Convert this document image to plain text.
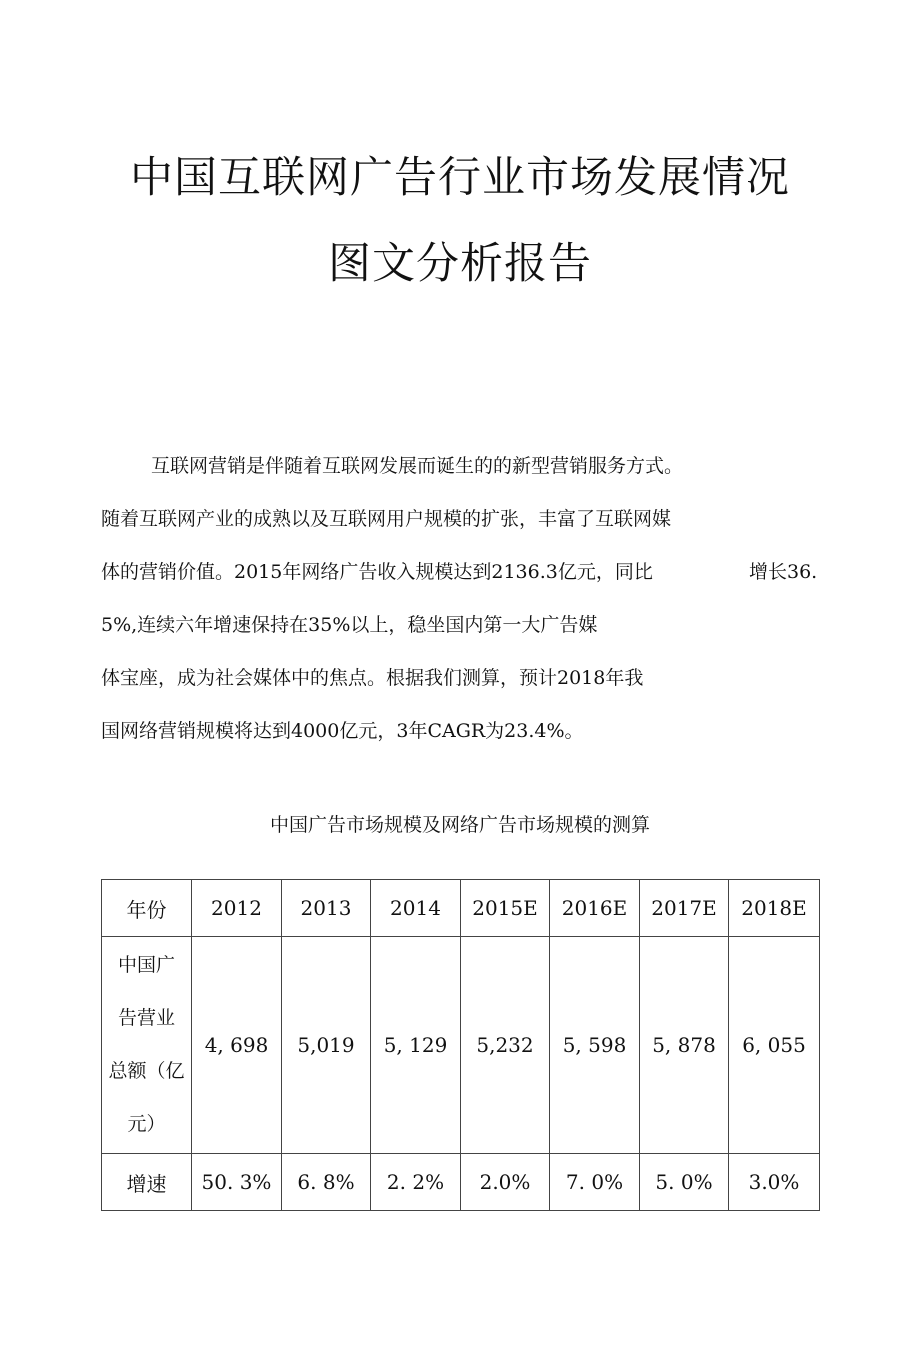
中国互联网广告行业市场发展情况
图文分析报告
互联网营销是伴随着互联网发展而诞生的的新型营销服务方式。
随着互联网产业的成熟以及互联网用户规模的扩张，丰富了互联网媒
体的营销价值。2015年网络广告收入规模达到2136.3亿元，同比	增长36.
5%,连续六年增速保持在35%以上，稳坐国内第一大广告媒
体宝座，成为社会媒体中的焦点。根据我们测算，预计2018年我
国网络营销规模将达到4000亿元，3年CAGR为23.4%。
中国广告市场规模及网络广告市场规模的测算
年份	2012	2013	2014	2015E	2016E	2017E	2018E

中国广
告营业
总额（亿
元）	4, 698	5,019	5, 129	5,232	5, 598	5, 878	6, 055
增速	50. 3%	6. 8%	2. 2%	2.0%	7. 0%	5. 0%	3.0%
